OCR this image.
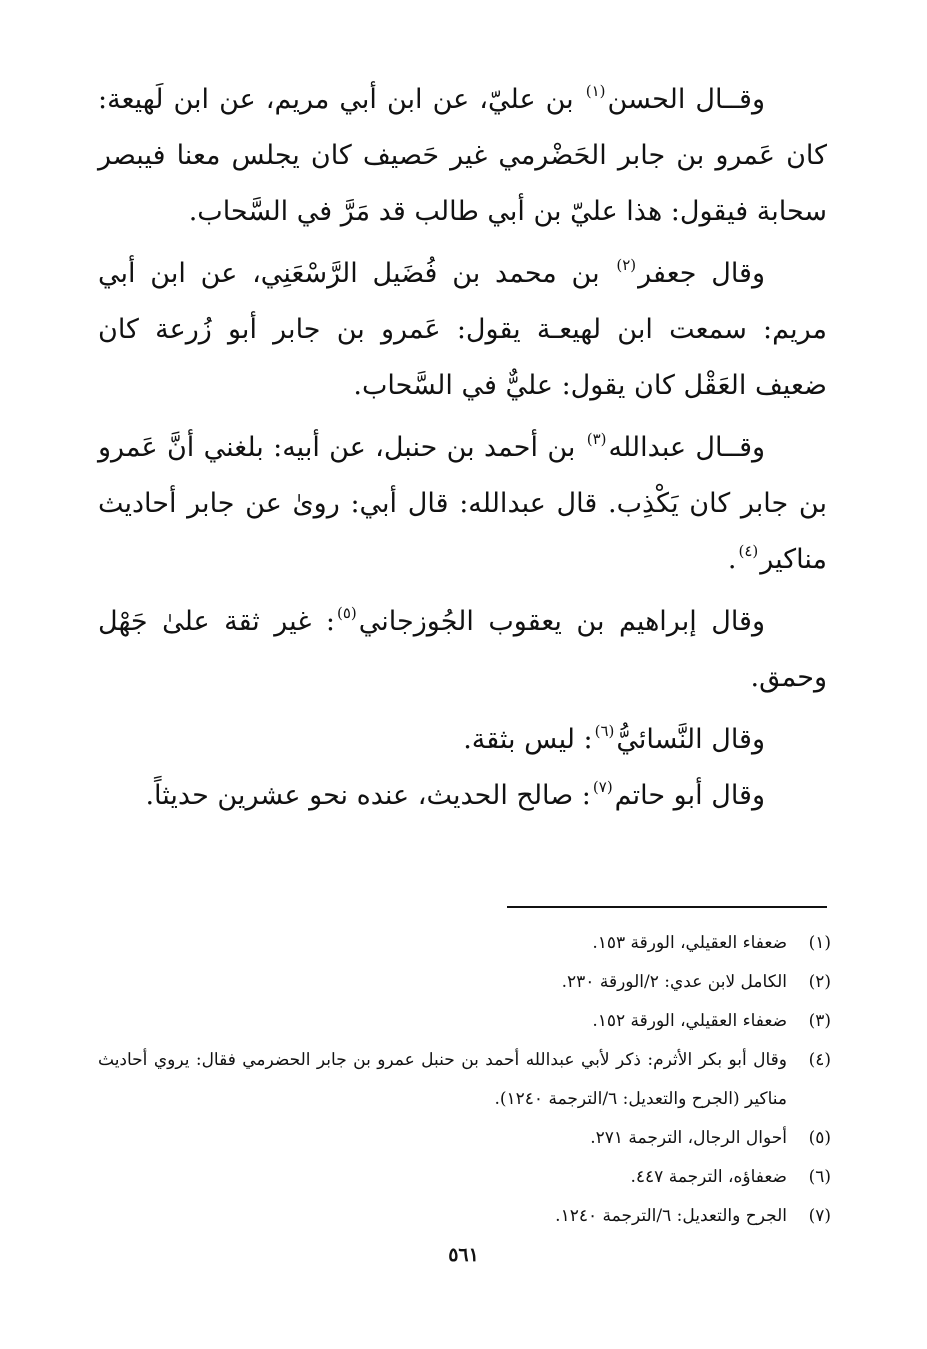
وقــال الحسن$^{(١)}$ بن عليّ، عن ابن أبي مريم، عن ابن لَهيعة: كان عَمرو بن جابر الحَضْرمي غير حَصيف كان يجلس معنا فيبصر سحابة فيقول: هذا عليّ بن أبي طالب قد مَرَّ في السَّحاب.

وقال جعفر$^{(٢)}$ بن محمد بن فُضَيل الرَّسْعَنِي، عن ابن أبي مريم: سمعت ابن لهيعـة يقول: عَمرو بن جابر أبو زُرعة كان ضعيف العَقْل كان يقول: عليٌّ في السَّحاب.

وقــال عبدالله$^{(٣)}$ بن أحمد بن حنبل، عن أبيه: بلغني أنَّ عَمرو بن جابر كان يَكْذِب. قال عبدالله: قال أبي: روىٰ عن جابر أحاديث مناكير$^{(٤)}$.

وقال إبراهيم بن يعقوب الجُوزجاني$^{(٥)}$: غير ثقة علىٰ جَهْل وحمق.

وقال النَّسائيُّ$^{(٦)}$: ليس بثقة.

وقال أبو حاتم$^{(٧)}$: صالح الحديث، عنده نحو عشرين حديثاً.

(١)
ضعفاء العقيلي، الورقة ١٥٣.
(٢)
الكامل لابن عدي: ٢/الورقة ٢٣٠.
(٣)
ضعفاء العقيلي، الورقة ١٥٢.
(٤)
وقال أبو بكر الأثرم: ذكر لأبي عبدالله أحمد بن حنبل عمرو بن جابر الحضرمي فقال: يروي أحاديث مناكير (الجرح والتعديل: ٦/الترجمة ١٢٤٠).
(٥)
أحوال الرجال، الترجمة ٢٧١.
(٦)
ضعفاؤه، الترجمة ٤٤٧.
(٧)
الجرح والتعديل: ٦/الترجمة ١٢٤٠.
٥٦١
